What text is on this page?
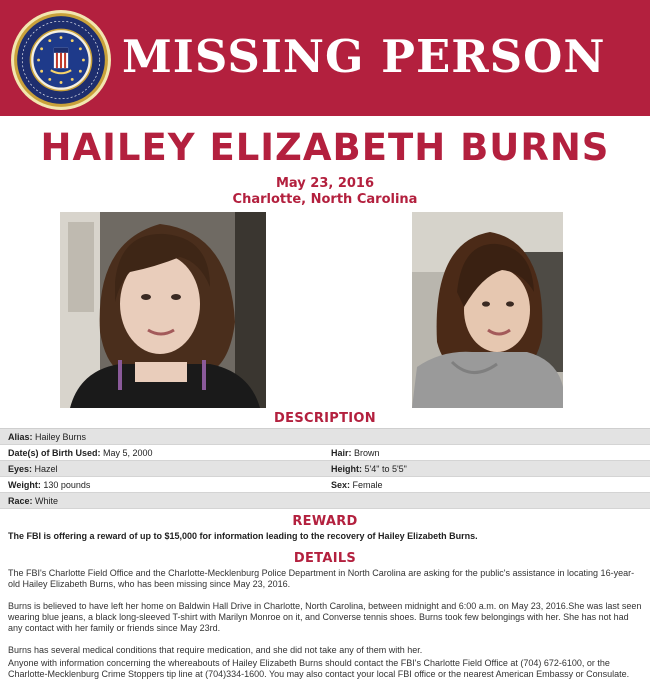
MISSING PERSON
HAILEY ELIZABETH BURNS
May 23, 2016
Charlotte, North Carolina
DESCRIPTION
Alias: Hailey Burns
Date(s) of Birth Used: May 5, 2000	Hair: Brown
Eyes: Hazel	Height: 5'4" to 5'5"
Weight: 130 pounds	Sex: Female
Race: White
REWARD
The FBI is offering a reward of up to $15,000 for information leading to the recovery of Hailey Elizabeth Burns.
DETAILS

The FBI's Charlotte Field Office and the Charlotte-Mecklenburg Police Department in North Carolina are asking for the public's assistance in locating 16-year-old Hailey Elizabeth Burns, who has been missing since May 23, 2016.

Burns is believed to have left her home on Baldwin Hall Drive in Charlotte, North Carolina, between midnight and 6:00 a.m. on May 23, 2016.She was last seen wearing blue jeans, a black long-sleeved T-shirt with Marilyn Monroe on it, and Converse tennis shoes. Burns took few belongings with her. She has not had any contact with her family or friends since May 23rd.

Burns has several medical conditions that require medication, and she did not take any of them with her.

Anyone with information concerning the whereabouts of Hailey Elizabeth Burns should contact the FBI's Charlotte Field Office at (704) 672-6100, or the Charlotte-Mecklenburg Crime Stoppers tip line at (704)334-1600. You may also contact your local FBI office or the nearest American Embassy or Consulate.
